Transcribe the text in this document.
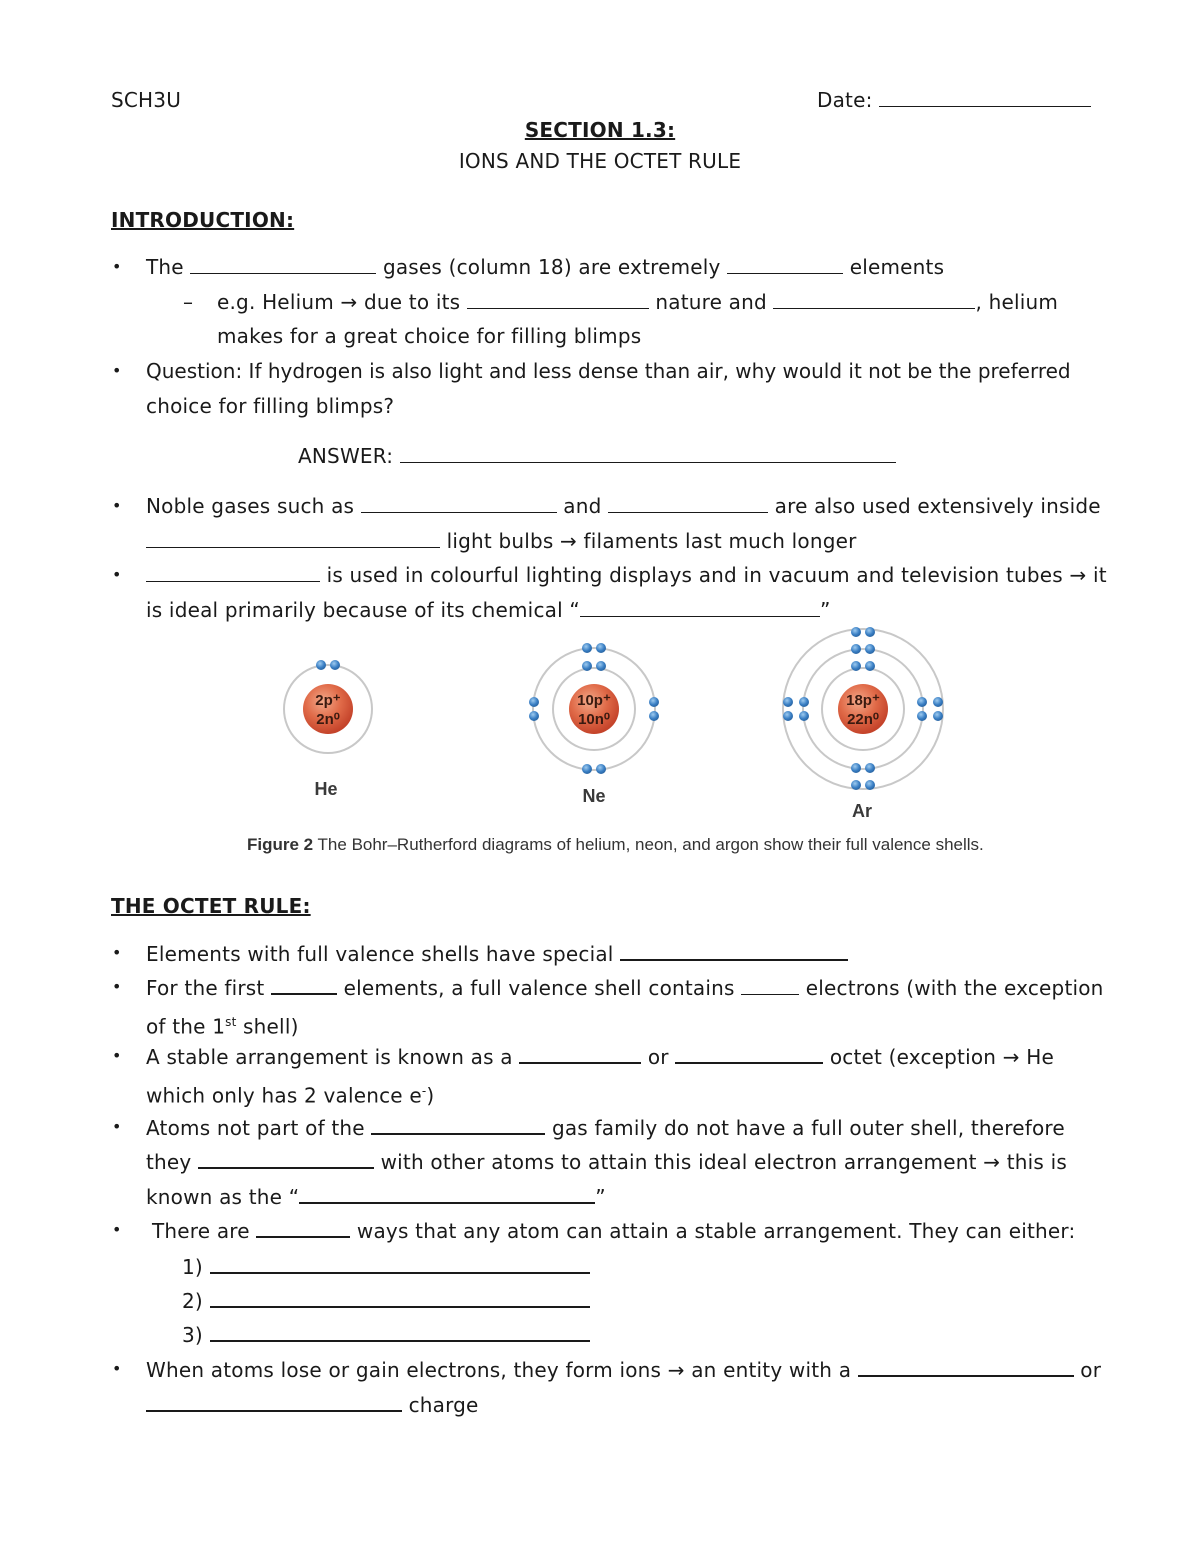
SCH3U	Date:
SECTION 1.3:
IONS AND THE OCTET RULE
INTRODUCTION:
• The	gases (column 18) are extremely	elements
– e.g. Helium → due to its	nature and	, helium
makes for a great choice for filling blimps
• Question: If hydrogen is also light and less dense than air, why would it not be the preferred
choice for filling blimps?
ANSWER:
• Noble gases such as	and	are also used extensively inside
light bulbs → filaments last much longer
•	is used in colourful lighting displays and in vacuum and television tubes → it
is ideal primarily because of its chemical “	”
2p⁺
2n⁰
He
10p⁺
10n⁰
Ne
18p⁺
22n⁰
Ar
Figure 2 The Bohr–Rutherford diagrams of helium, neon, and argon show their full valence shells.
THE OCTET RULE:
• Elements with full valence shells have special
• For the first	elements, a full valence shell contains	electrons (with the exception
of the 1st shell)
• A stable arrangement is known as a	or	octet (exception → He
which only has 2 valence e-)
• Atoms not part of the	gas family do not have a full outer shell, therefore
they	with other atoms to attain this ideal electron arrangement → this is
known as the “	”
• There are	ways that any atom can attain a stable arrangement. They can either:
1)
2)
3)
• When atoms lose or gain electrons, they form ions → an entity with a	or
charge
